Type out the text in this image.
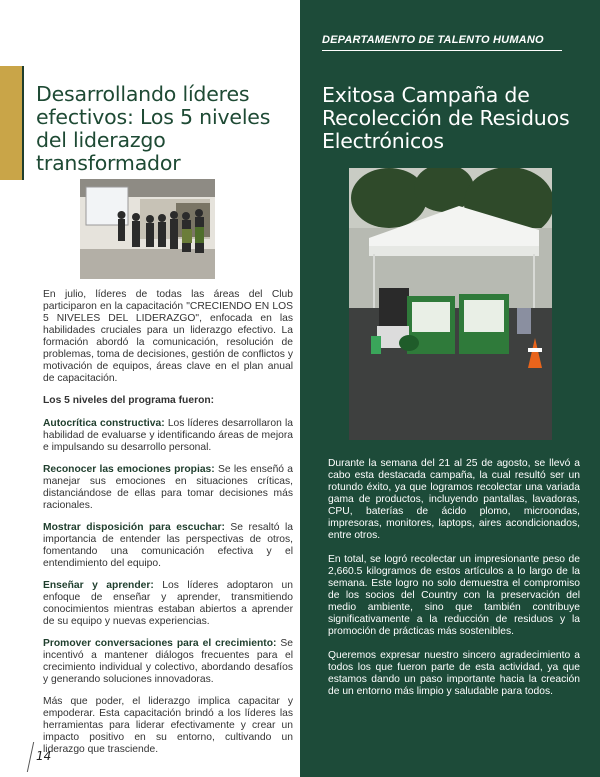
Desarrollando líderes efectivos: Los 5 niveles del liderazgo transformador

En julio, líderes de todas las áreas del Club participaron en la capacitación "CRECIENDO EN LOS 5 NIVELES DEL LIDERAZGO", enfocada en las habilidades cruciales para un liderazgo efectivo. La formación abordó la comunicación, resolución de problemas, toma de decisiones, gestión de conflictos y motivación de equipos, áreas clave en el plan anual de capacitación.

Los 5 niveles del programa fueron:

Autocrítica constructiva: Los líderes desarrollaron la habilidad de evaluarse y identificando áreas de mejora e impulsando su desarrollo personal.

Reconocer las emociones propias: Se les enseñó a manejar sus emociones en situaciones críticas, distanciándose de ellas para tomar decisiones más racionales.

Mostrar disposición para escuchar: Se resaltó la importancia de entender las perspectivas de otros, fomentando una comunicación efectiva y el entendimiento del equipo.

Enseñar y aprender: Los líderes adoptaron un enfoque de enseñar y aprender, transmitiendo conocimientos mientras estaban abiertos a aprender de su equipo y nuevas experiencias.

Promover conversaciones para el crecimiento: Se incentivó a mantener diálogos frecuentes para el crecimiento individual y colectivo, abordando desafíos y generando soluciones innovadoras.

Más que poder, el liderazgo implica capacitar y empoderar. Esta capacitación brindó a los líderes las herramientas para liderar efectivamente y crear un impacto positivo en su entorno, cultivando un liderazgo que trasciende.

14
DEPARTAMENTO DE TALENTO HUMANO
Exitosa Campaña de Recolección de Residuos Electrónicos

Durante la semana del 21 al 25 de agosto, se llevó a cabo esta destacada campaña, la cual resultó ser un rotundo éxito, ya que logramos recolectar una variada gama de productos, incluyendo pantallas, lavadoras, CPU, baterías de ácido plomo, microondas, impresoras, monitores, laptops, aires acondicionados, entre otros.

En total, se logró recolectar un impresionante peso de 2,660.5 kilogramos de estos artículos a lo largo de la semana. Este logro no solo demuestra el compromiso de los socios del Country con la preservación del medio ambiente, sino que también contribuye significativamente a la reducción de residuos y la promoción de prácticas más sostenibles.

Queremos expresar nuestro sincero agradecimiento a todos los que fueron parte de esta actividad, ya que estamos dando un paso importante hacia la creación de un entorno más limpio y saludable para todos.
